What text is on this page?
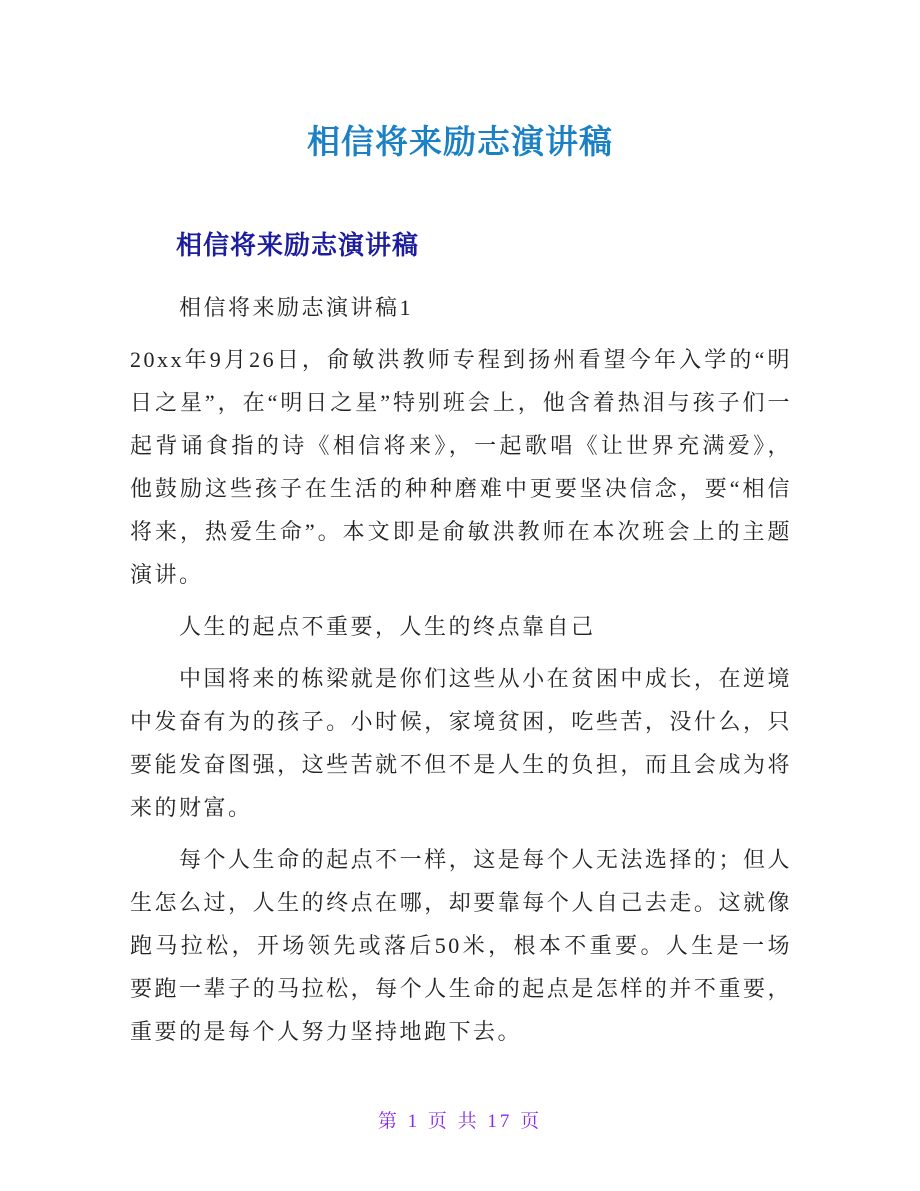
相信将来励志演讲稿
相信将来励志演讲稿

相信将来励志演讲稿1

20xx年9月26日，俞敏洪教师专程到扬州看望今年入学的“明日之星”，在“明日之星”特别班会上，他含着热泪与孩子们一起背诵食指的诗《相信将来》，一起歌唱《让世界充满爱》，他鼓励这些孩子在生活的种种磨难中更要坚决信念，要“相信将来，热爱生命”。本文即是俞敏洪教师在本次班会上的主题演讲。

人生的起点不重要，人生的终点靠自己

中国将来的栋梁就是你们这些从小在贫困中成长，在逆境中发奋有为的孩子。小时候，家境贫困，吃些苦，没什么，只要能发奋图强，这些苦就不但不是人生的负担，而且会成为将来的财富。

每个人生命的起点不一样，这是每个人无法选择的；但人生怎么过，人生的终点在哪，却要靠每个人自己去走。这就像跑马拉松，开场领先或落后50米，根本不重要。人生是一场要跑一辈子的马拉松，每个人生命的起点是怎样的并不重要，重要的是每个人努力坚持地跑下去。

第 1 页 共 17 页
